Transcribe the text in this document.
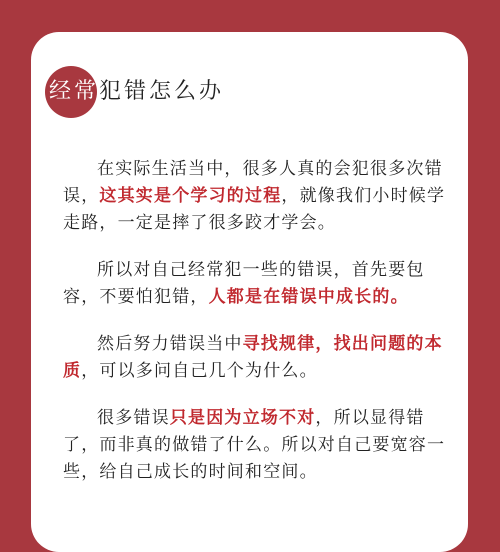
经常犯错怎么办

在实际生活当中，很多人真的会犯很多次错误，这其实是个学习的过程，就像我们小时候学走路，一定是摔了很多跤才学会。

所以对自己经常犯一些的错误，首先要包容，不要怕犯错，人都是在错误中成长的。

然后努力错误当中寻找规律，找出问题的本质，可以多问自己几个为什么。

很多错误只是因为立场不对，所以显得错了，而非真的做错了什么。所以对自己要宽容一些，给自己成长的时间和空间。
